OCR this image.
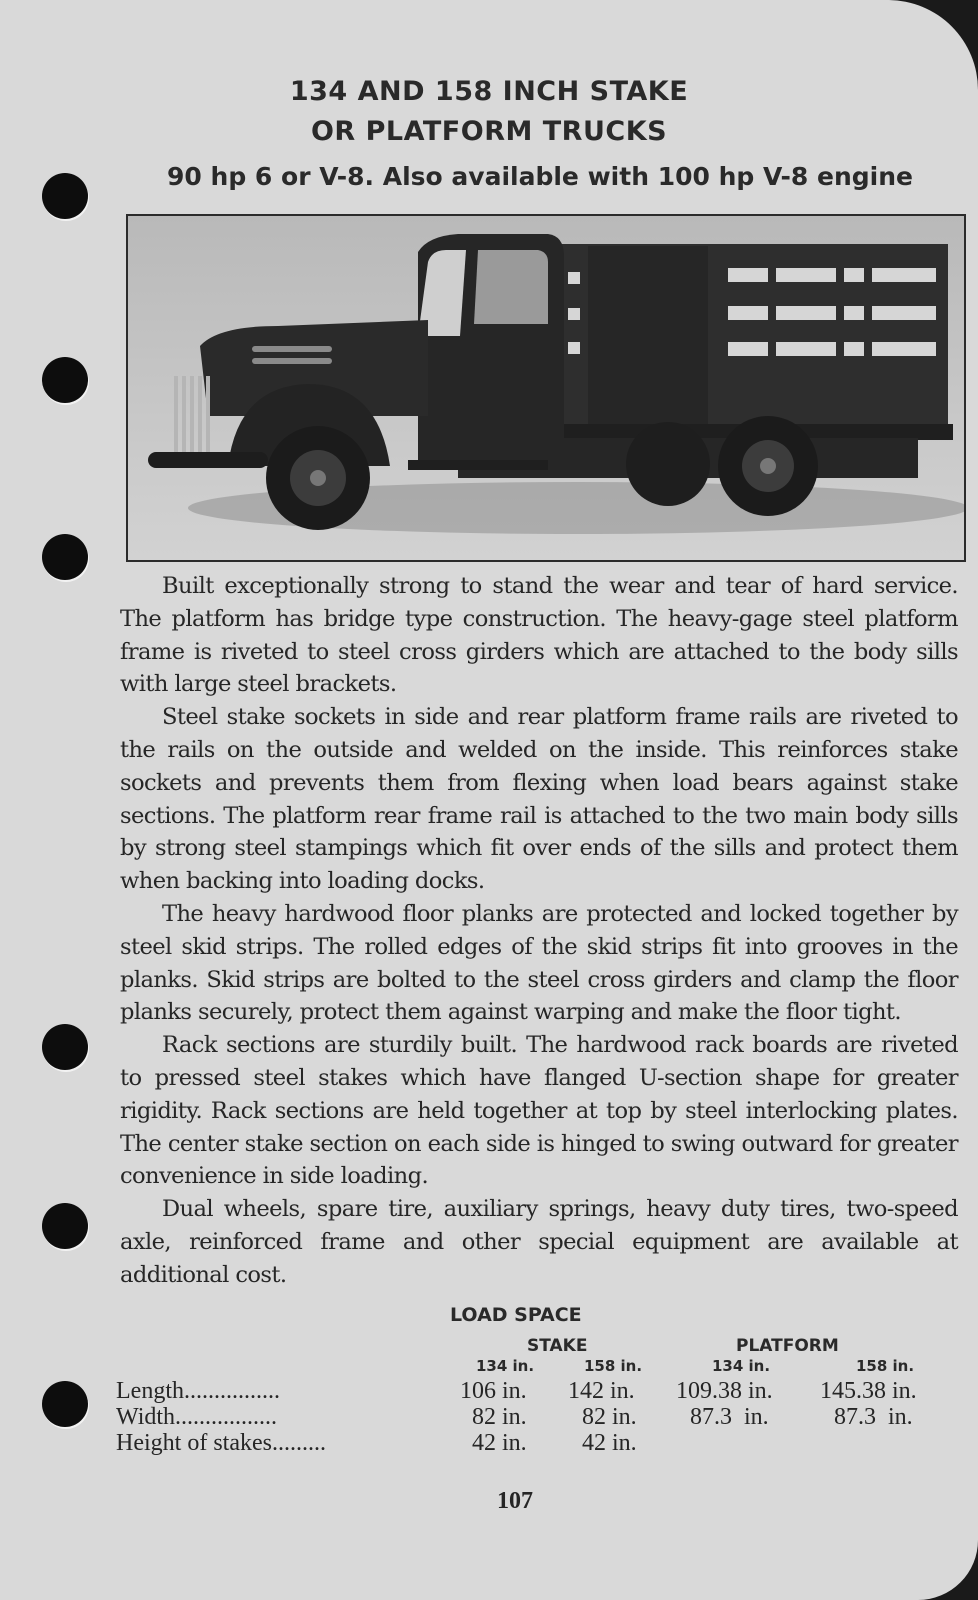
134 AND 158 INCH STAKE
OR PLATFORM TRUCKS
90 hp 6 or V-8. Also available with 100 hp V-8 engine

Built exceptionally strong to stand the wear and tear of hard service. The platform has bridge type construction. The heavy-gage steel platform frame is riveted to steel cross girders which are attached to the body sills with large steel brackets.

Steel stake sockets in side and rear platform frame rails are riveted to the rails on the outside and welded on the inside. This reinforces stake sockets and prevents them from flexing when load bears against stake sections. The platform rear frame rail is attached to the two main body sills by strong steel stampings which fit over ends of the sills and protect them when backing into loading docks.

The heavy hardwood floor planks are protected and locked together by steel skid strips. The rolled edges of the skid strips fit into grooves in the planks. Skid strips are bolted to the steel cross girders and clamp the floor planks securely, protect them against warping and make the floor tight.

Rack sections are sturdily built. The hardwood rack boards are riveted to pressed steel stakes which have flanged U-section shape for greater rigidity. Rack sections are held together at top by steel interlocking plates. The center stake section on each side is hinged to swing outward for greater convenience in side loading.

Dual wheels, spare tire, auxiliary springs, heavy duty tires, two-speed axle, reinforced frame and other special equipment are available at additional cost.

LOAD SPACE
STAKE	PLATFORM
134 in.	158 in.	134 in.	158 in.
Length................	106 in. 142 in. 109.38 in. 145.38 in.
Width.................	82 in. 82 in. 87.3  in.	87.3  in.
Height of stakes.........	42 in. 42 in.
107
